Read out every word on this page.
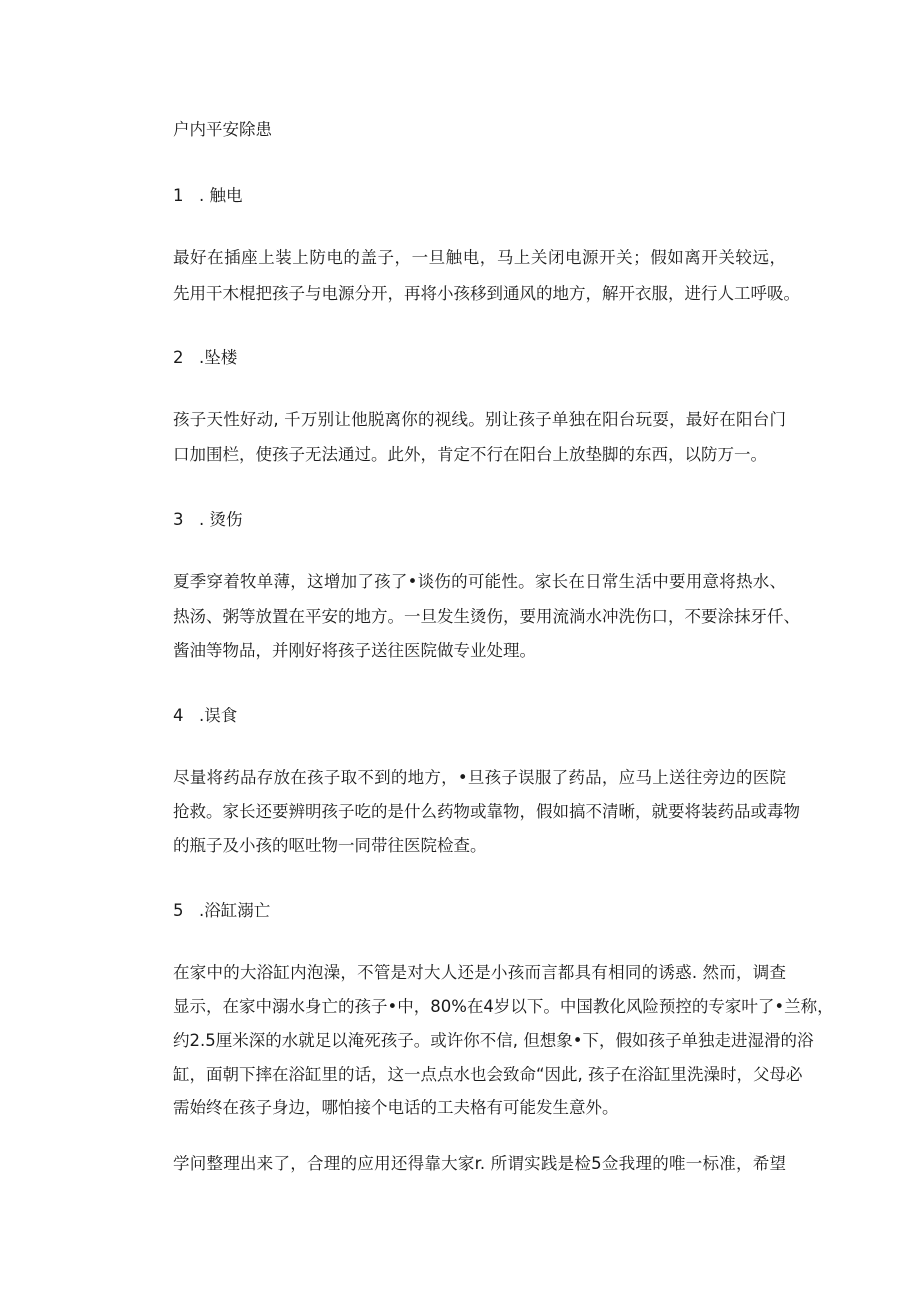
户内平安除患
1 . 触电
最好在插座上装上防电的盖子，一旦触电，马上关闭电源开关；假如离开关较远，
先用干木棍把孩子与电源分开，再将小孩移到通风的地方，解开衣服，进行人工呼吸。
2 .坠楼
孩子天性好动, 千万别让他脱离你的视线。别让孩子单独在阳台玩耍，最好在阳台门
口加围栏，使孩子无法通过。此外，肯定不行在阳台上放垫脚的东西，以防万一。
3 . 烫伤
夏季穿着牧单薄，这增加了孩了•谈伤的可能性。家长在日常生活中要用意将热水、
热汤、粥等放置在平安的地方。一旦发生烫伤，要用流淌水冲洗伤口，不要涂抹牙仟、
酱油等物品，并刚好将孩子送往医院做专业处理。
4 .误食
尽量将药品存放在孩子取不到的地方，•旦孩子误服了药品，应马上送往旁边的医院
抢救。家长还要辨明孩子吃的是什么药物或靠物，假如搞不清晰，就要将装药品或毒物
的瓶子及小孩的呕吐物一同带往医院检查。
5 .浴缸溺亡
在家中的大浴缸内泡澡，不管是对大人还是小孩而言都具有相同的诱惑. 然而，调查
显示，在家中溺水身亡的孩子•中，80%在4岁以下。中国教化风险预控的专家叶了•兰称，
约2.5厘米深的水就足以淹死孩子。或许你不信, 但想象•下，假如孩子单独走进湿滑的浴
缸，面朝下摔在浴缸里的话，这一点点水也会致命“因此, 孩子在浴缸里洗澡时，父母必
需始终在孩子身边，哪怕接个电话的工夫格有可能发生意外。
学问整理出来了，合理的应用还得靠大家r. 所谓实践是检5佥我理的唯一标准，希望
